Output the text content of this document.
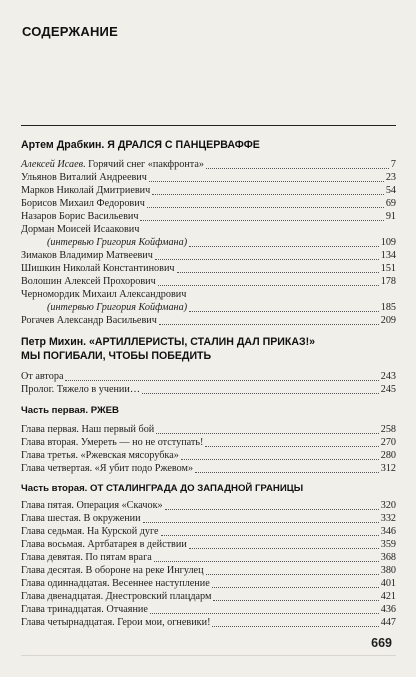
СОДЕРЖАНИЕ
Артем Драбкин. Я ДРАЛСЯ С ПАНЦЕРВАФФЕ
Алексей Исаев. Горячий снег «пакфронта»	7
Ульянов Виталий Андреевич	23
Марков Николай Дмитриевич	54
Борисов Михаил Федорович	69
Назаров Борис Васильевич	91
Дорман Моисей Исаакович
(интервью Григория Койфмана)	109
Зимаков Владимир Матвеевич	134
Шишкин Николай Константинович	151
Волошин Алексей Прохорович	178
Черномордик Михаил Александрович
(интервью Григория Койфмана)	185
Рогачев Александр Васильевич	209
Петр Михин. «АРТИЛЛЕРИСТЫ, СТАЛИН ДАЛ ПРИКАЗ!»
МЫ ПОГИБАЛИ, ЧТОБЫ ПОБЕДИТЬ
От автора	243
Пролог. Тяжело в учении…	245
Часть первая. РЖЕВ
Глава первая. Наш первый бой	258
Глава вторая. Умереть — но не отступать!	270
Глава третья. «Ржевская мясорубка»	280
Глава четвертая. «Я убит подо Ржевом»	312
Часть вторая. ОТ СТАЛИНГРАДА ДО ЗАПАДНОЙ ГРАНИЦЫ
Глава пятая. Операция «Скачок»	320
Глава шестая. В окружении	332
Глава седьмая. На Курской дуге	346
Глава восьмая. Артбатарея в действии	359
Глава девятая. По пятам врага	368
Глава десятая. В обороне на реке Ингулец	380
Глава одиннадцатая. Весеннее наступление	401
Глава двенадцатая. Днестровский плацдарм	421
Глава тринадцатая. Отчаяние	436
Глава четырнадцатая. Герои мои, огневики!	447
669
